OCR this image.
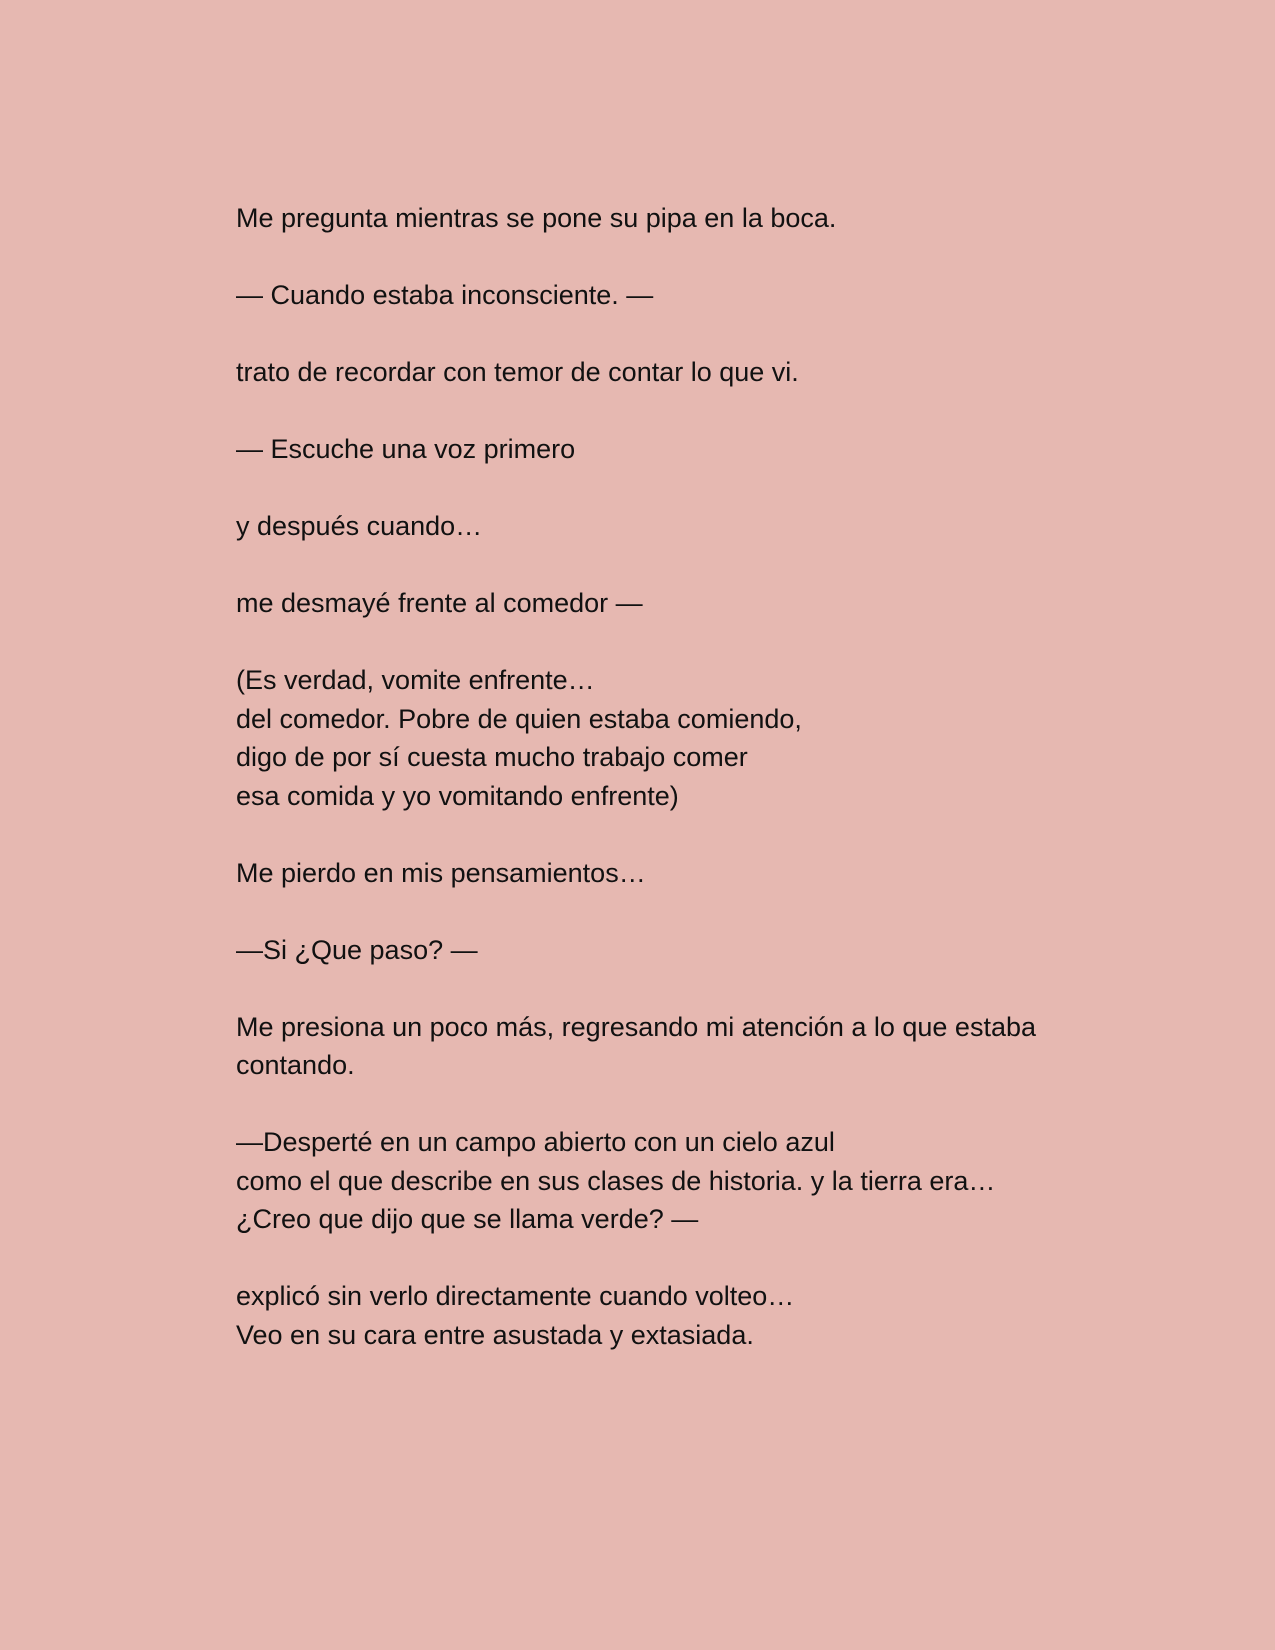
Me pregunta mientras se pone su pipa en la boca.
— Cuando estaba inconsciente. —
trato de recordar con temor de contar lo que vi.
— Escuche una voz primero
y después cuando…
me desmayé frente al comedor —
(Es verdad, vomite enfrente…
del comedor. Pobre de quien estaba comiendo,
digo de por sí cuesta mucho trabajo comer
esa comida y yo vomitando enfrente)
Me pierdo en mis pensamientos…
—Si ¿Que paso? —
Me presiona un poco más, regresando mi atención a lo que estaba
contando.
—Desperté en un campo abierto con un cielo azul
como el que describe en sus clases de historia. y la tierra era…
¿Creo que dijo que se llama verde? —
explicó sin verlo directamente cuando volteo…
Veo en su cara entre asustada y extasiada.
